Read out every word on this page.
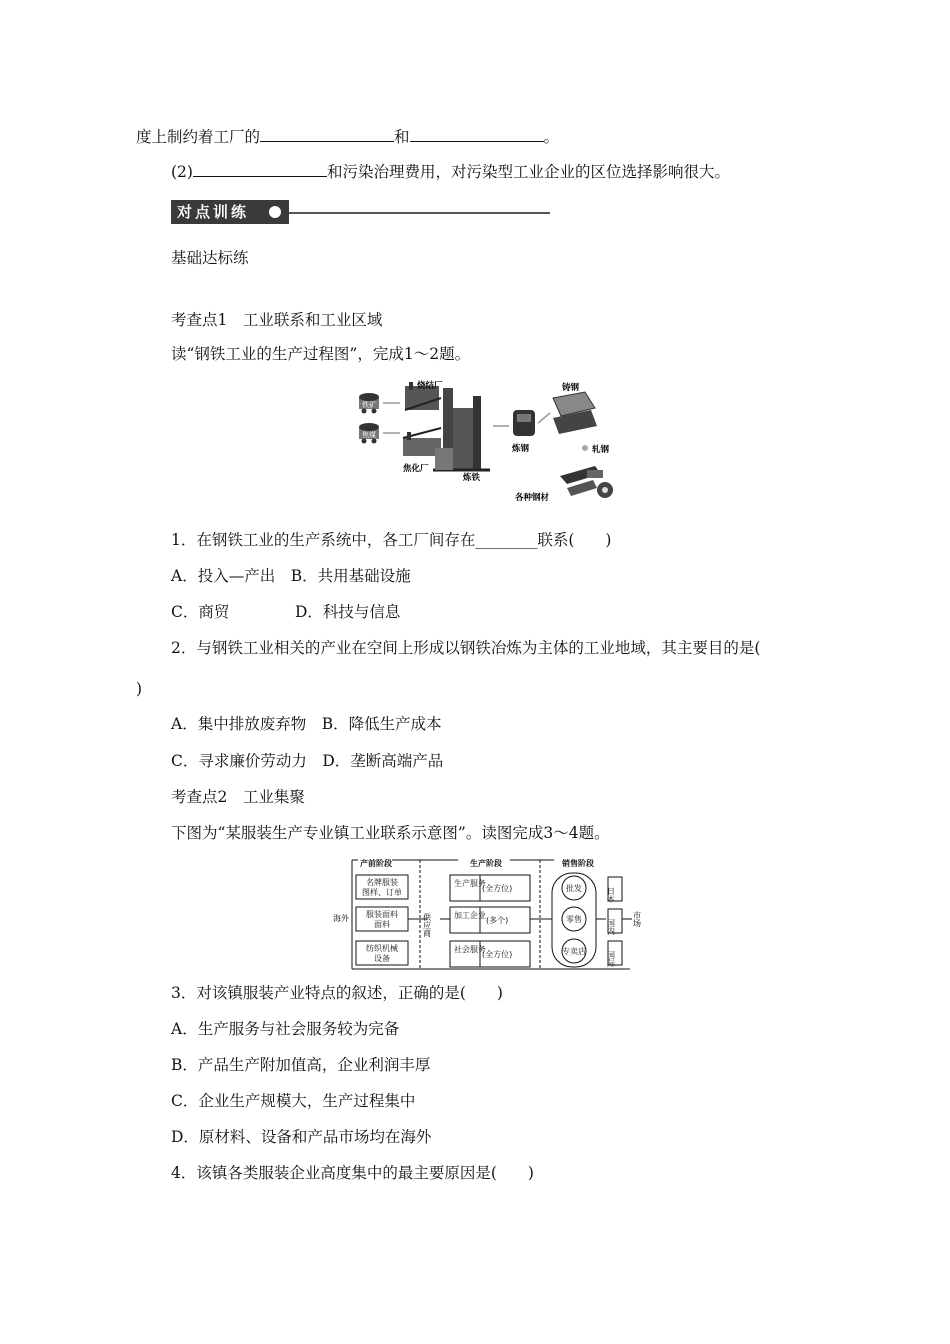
度上制约着工厂的	和	。
(2)	和污染治理费用，对污染型工业企业的区位选择影响很大。
对点训练
基础达标练
考查点1　工业联系和工业区域
读“钢铁工业的生产过程图”，完成1～2题。
铁矿
焦煤
烧结厂
焦化厂
炼铁
炼钢
铸钢
轧钢
各种钢材
1．在钢铁工业的生产系统中，各工厂间存在________联系(　　)
A．投入—产出　B．共用基础设施
C．商贸	D．科技与信息
2．与钢铁工业相关的产业在空间上形成以钢铁冶炼为主体的工业地域，其主要目的是(
)
A．集中排放废弃物　B．降低生产成本
C．寻求廉价劳动力　D．垄断高端产品
考查点2　工业集聚
下图为“某服装生产专业镇工业联系示意图”。读图完成3～4题。
产前阶段	生产阶段	销售阶段
海外
名牌服装
图样、订单
服装面料
面料
纺织机械
设备
供应商
生产服务
(全方位)
加工企业
(多个)
社会服务
(全方位)
批发
零售
专卖店
日本
国内
国际
市场
3．对该镇服装产业特点的叙述，正确的是(　　)
A．生产服务与社会服务较为完备
B．产品生产附加值高，企业利润丰厚
C．企业生产规模大，生产过程集中
D．原材料、设备和产品市场均在海外
4．该镇各类服装企业高度集中的最主要原因是(　　)
